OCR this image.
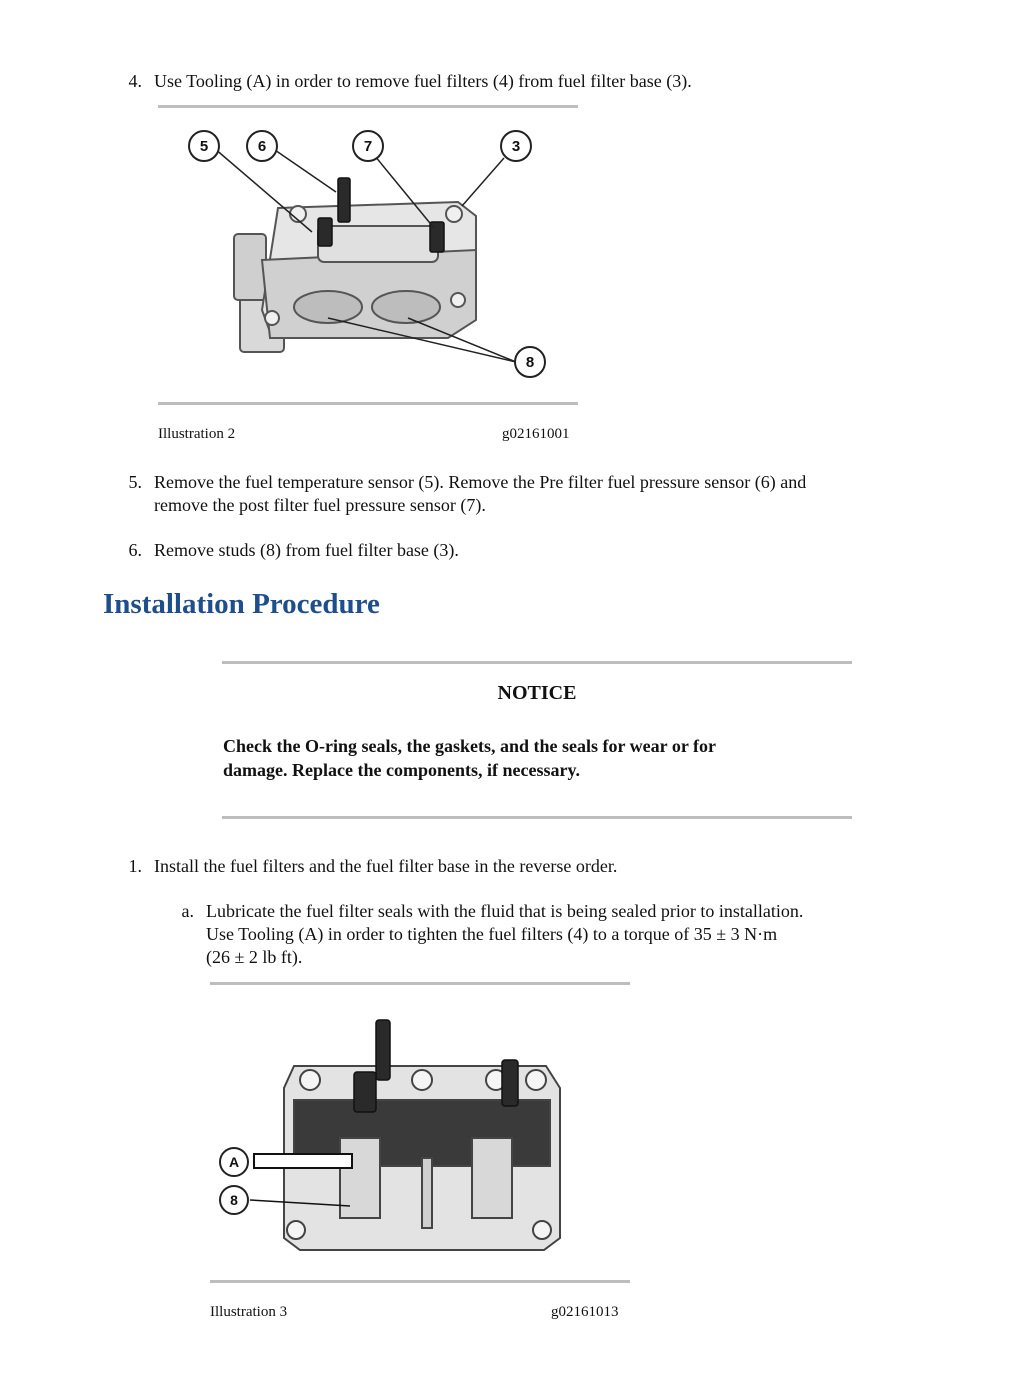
4. Use Tooling (A) in order to remove fuel filters (4) from fuel filter base (3).
5	6	7	3
8
Illustration 2	g02161001
5. Remove the fuel temperature sensor (5). Remove the Pre filter fuel pressure sensor (6) and
remove the post filter fuel pressure sensor (7).
6. Remove studs (8) from fuel filter base (3).
Installation Procedure
NOTICE
Check the O-ring seals, the gaskets, and the seals for wear or for
damage. Replace the components, if necessary.
1. Install the fuel filters and the fuel filter base in the reverse order.
a. Lubricate the fuel filter seals with the fluid that is being sealed prior to installation.
Use Tooling (A) in order to tighten the fuel filters (4) to a torque of 35 ± 3 N·m
(26 ± 2 lb ft).
A
8
Illustration 3	g02161013
